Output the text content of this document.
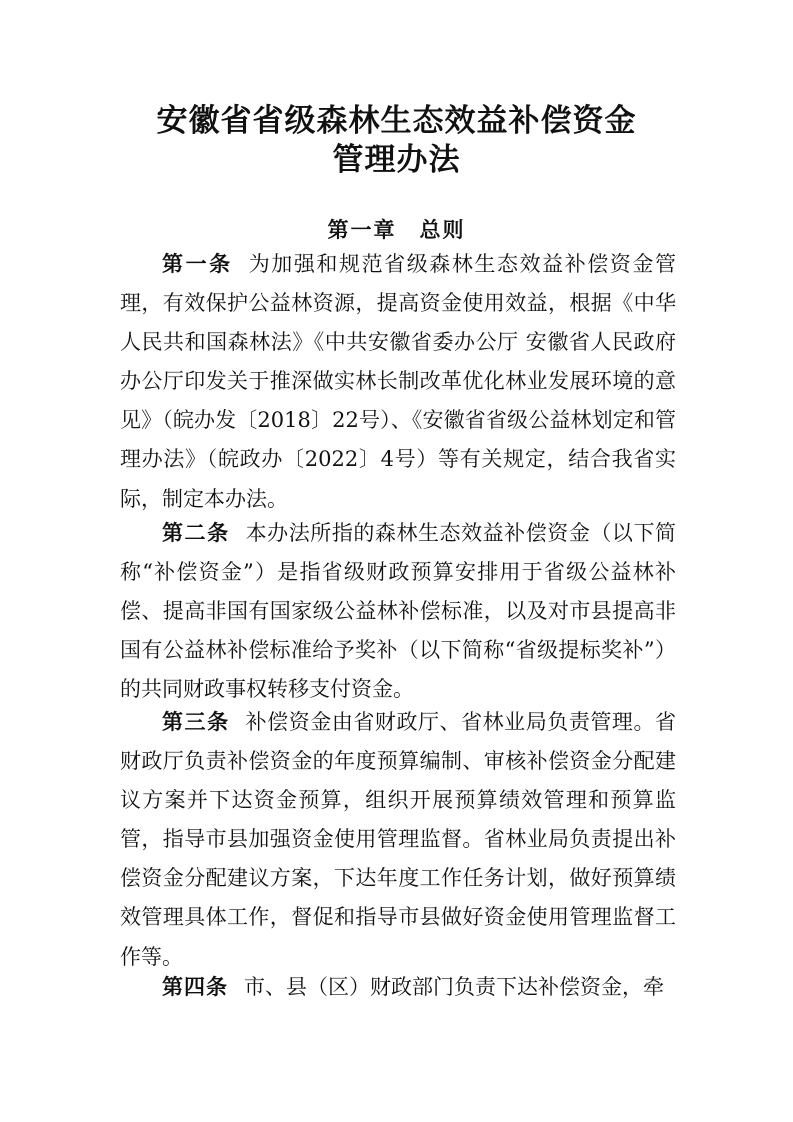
安徽省省级森林生态效益补偿资金
管理办法
第一章　总则

第一条 为加强和规范省级森林生态效益补偿资金管理，有效保护公益林资源，提高资金使用效益，根据《中华人民共和国森林法》《中共安徽省委办公厅 安徽省人民政府办公厅印发关于推深做实林长制改革优化林业发展环境的意见》（皖办发〔2018〕22号）、《安徽省省级公益林划定和管理办法》（皖政办〔2022〕4号）等有关规定，结合我省实际，制定本办法。

第二条 本办法所指的森林生态效益补偿资金（以下简称“补偿资金”）是指省级财政预算安排用于省级公益林补偿、提高非国有国家级公益林补偿标准，以及对市县提高非国有公益林补偿标准给予奖补（以下简称“省级提标奖补”）的共同财政事权转移支付资金。

第三条 补偿资金由省财政厅、省林业局负责管理。省财政厅负责补偿资金的年度预算编制、审核补偿资金分配建议方案并下达资金预算，组织开展预算绩效管理和预算监管，指导市县加强资金使用管理监督。省林业局负责提出补偿资金分配建议方案，下达年度工作任务计划，做好预算绩效管理具体工作，督促和指导市县做好资金使用管理监督工作等。

第四条 市、县（区）财政部门负责下达补偿资金，牵
